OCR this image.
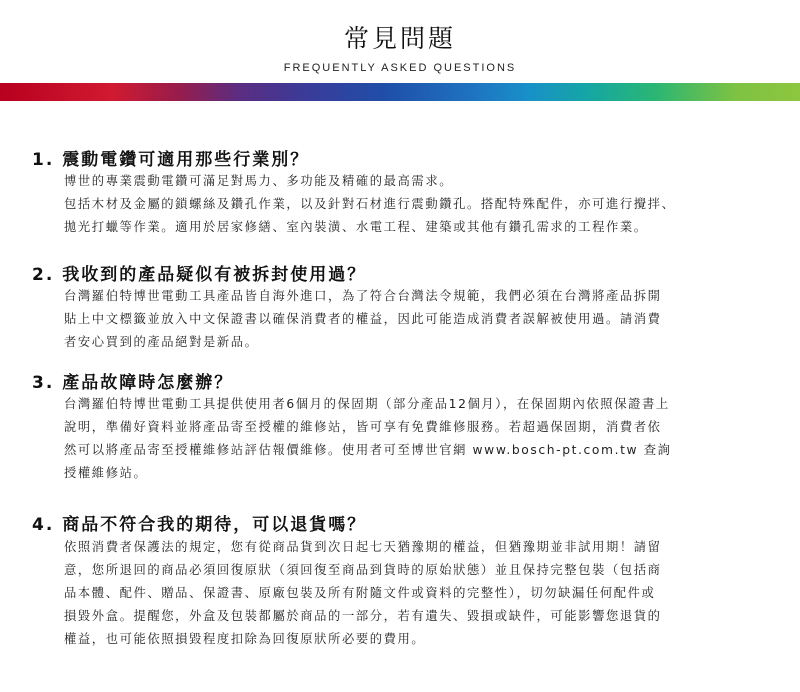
常見問題
FREQUENTLY ASKED QUESTIONS
1. 震動電鑽可適用那些行業別？

博世的專業震動電鑽可滿足對馬力、多功能及精確的最高需求。

包括木材及金屬的鎖螺絲及鑽孔作業，以及針對石材進行震動鑽孔。搭配特殊配件，亦可進行攪拌、

拋光打蠟等作業。適用於居家修繕、室內裝潢、水電工程、建築或其他有鑽孔需求的工程作業。

2. 我收到的產品疑似有被拆封使用過？

台灣羅伯特博世電動工具產品皆自海外進口，為了符合台灣法令規範，我們必須在台灣將產品拆開

貼上中文標籤並放入中文保證書以確保消費者的權益，因此可能造成消費者誤解被使用過。請消費

者安心買到的產品絕對是新品。

3. 產品故障時怎麼辦？

台灣羅伯特博世電動工具提供使用者6個月的保固期（部分產品12個月），在保固期內依照保證書上

說明，準備好資料並將產品寄至授權的維修站，皆可享有免費維修服務。若超過保固期，消費者依

然可以將產品寄至授權維修站評估報價維修。使用者可至博世官網 www.bosch-pt.com.tw 查詢

授權維修站。

4. 商品不符合我的期待，可以退貨嗎？

依照消費者保護法的規定，您有從商品貨到次日起七天猶豫期的權益，但猶豫期並非試用期！請留

意，您所退回的商品必須回復原狀（須回復至商品到貨時的原始狀態）並且保持完整包裝（包括商

品本體、配件、贈品、保證書、原廠包裝及所有附隨文件或資料的完整性），切勿缺漏任何配件或

損毀外盒。提醒您，外盒及包裝都屬於商品的一部分，若有遺失、毀損或缺件，可能影響您退貨的

權益，也可能依照損毀程度扣除為回復原狀所必要的費用。
